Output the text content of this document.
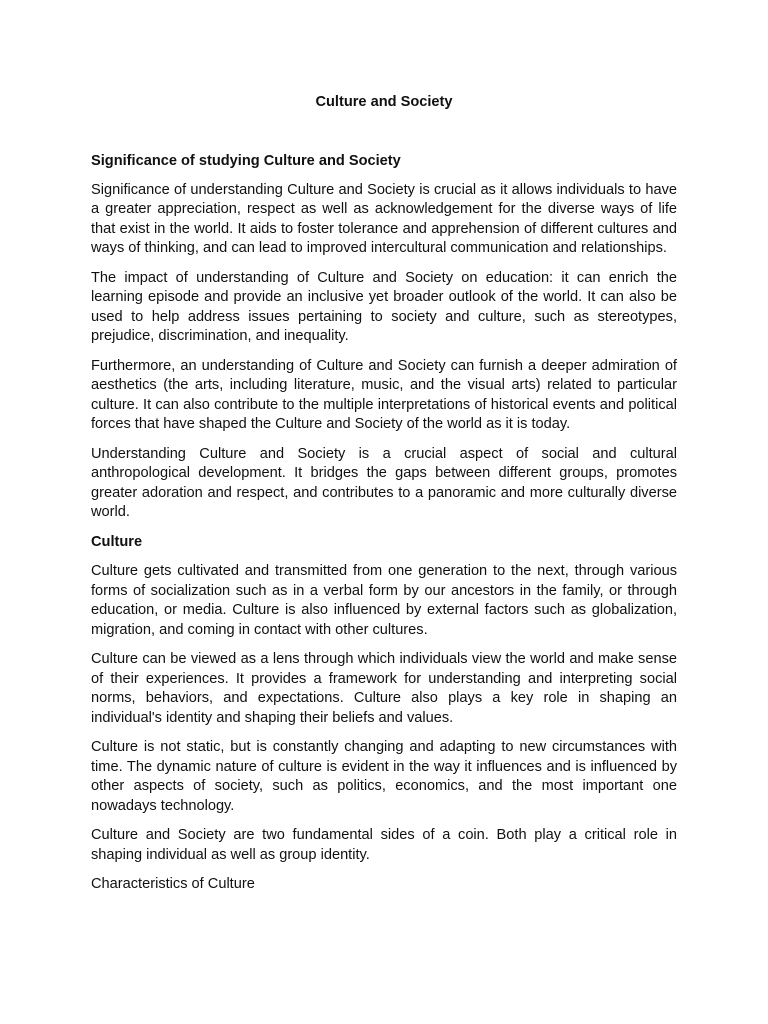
Culture and Society
Significance of studying Culture and Society

Significance of understanding Culture and Society is crucial as it allows individuals to have a greater appreciation, respect as well as acknowledgement for the diverse ways of life that exist in the world. It aids to foster tolerance and apprehension of different cultures and ways of thinking, and can lead to improved intercultural communication and relationships.

The impact of understanding of Culture and Society on education: it can enrich the learning episode and provide an inclusive yet broader outlook of the world. It can also be used to help address issues pertaining to society and culture, such as stereotypes, prejudice, discrimination, and inequality.

Furthermore, an understanding of Culture and Society can furnish a deeper admiration of aesthetics (the arts, including literature, music, and the visual arts) related to particular culture. It can also contribute to the multiple interpretations of historical events and political forces that have shaped the Culture and Society of the world as it is today.

Understanding Culture and Society is a crucial aspect of social and cultural anthropological development. It bridges the gaps between different groups, promotes greater adoration and respect, and contributes to a panoramic and more culturally diverse world.

Culture

Culture gets cultivated and transmitted from one generation to the next, through various forms of socialization such as in a verbal form by our ancestors in the family, or through education, or media. Culture is also influenced by external factors such as globalization, migration, and coming in contact with other cultures.

Culture can be viewed as a lens through which individuals view the world and make sense of their experiences. It provides a framework for understanding and interpreting social norms, behaviors, and expectations. Culture also plays a key role in shaping an individual's identity and shaping their beliefs and values.

Culture is not static, but is constantly changing and adapting to new circumstances with time. The dynamic nature of culture is evident in the way it influences and is influenced by other aspects of society, such as politics, economics, and the most important one nowadays technology.

Culture and Society are two fundamental sides of a coin. Both play a critical role in shaping individual as well as group identity.

Characteristics of Culture
